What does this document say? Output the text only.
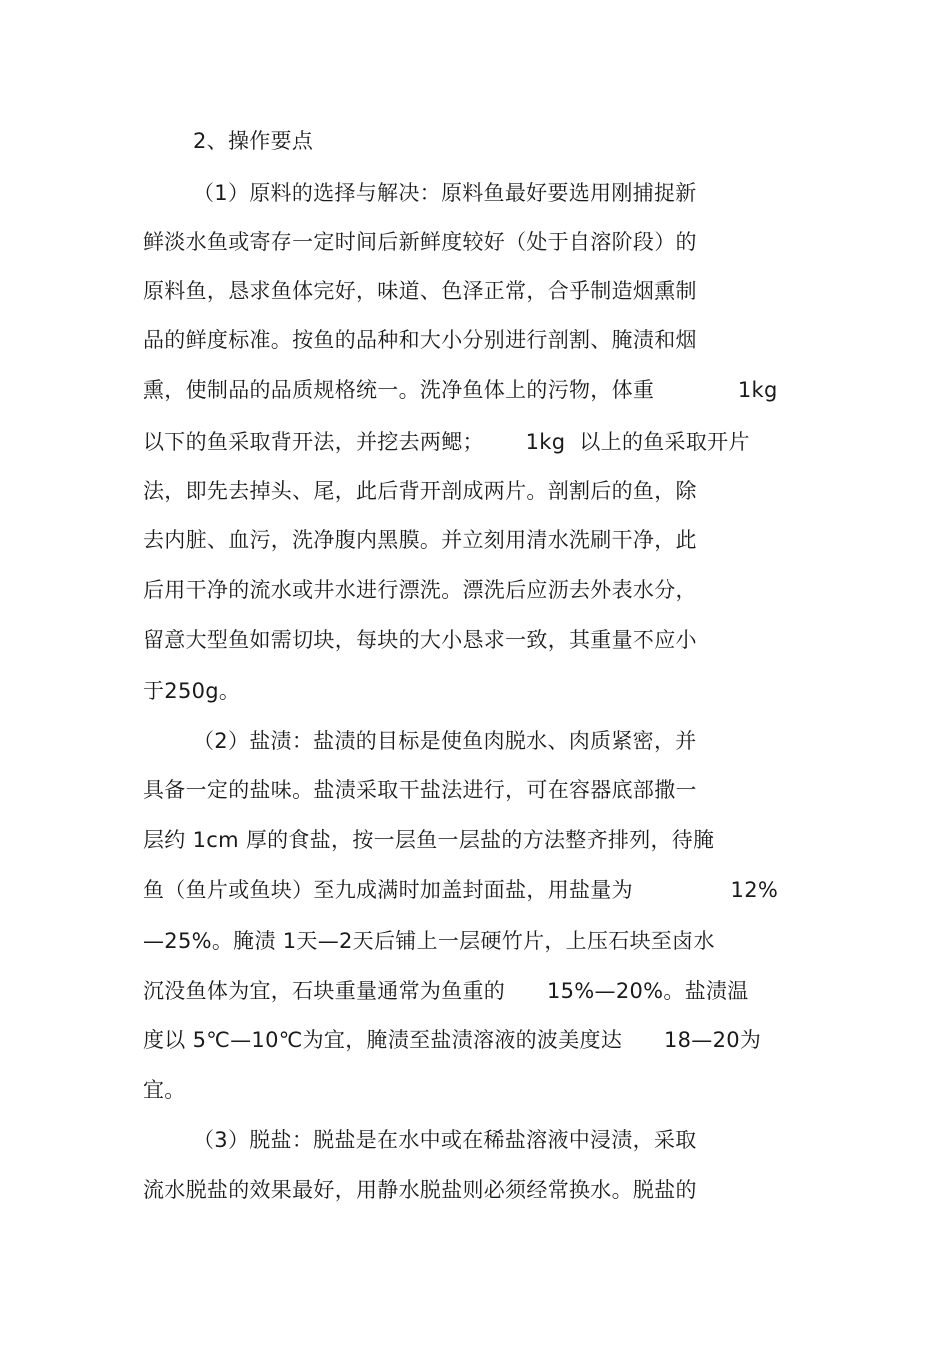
2、操作要点
（1）原料的选择与解决：原料鱼最好要选用刚捕捉新
鲜淡水鱼或寄存一定时间后新鲜度较好（处于自溶阶段）的
原料鱼，恳求鱼体完好，味道、色泽正常，合乎制造烟熏制
品的鲜度标准。按鱼的品种和大小分别进行剖割、腌渍和烟
熏，使制品的品质规格统一。洗净鱼体上的污物，体重            1kg
以下的鱼采取背开法，并挖去两鳃；      1kg  以上的鱼采取开片
法，即先去掉头、尾，此后背开剖成两片。剖割后的鱼，除
去内脏、血污，洗净腹内黑膜。并立刻用清水洗刷干净，此
后用干净的流水或井水进行漂洗。漂洗后应沥去外表水分，
留意大型鱼如需切块，每块的大小恳求一致，其重量不应小
于250g。
（2）盐渍：盐渍的目标是使鱼肉脱水、肉质紧密，并
具备一定的盐味。盐渍采取干盐法进行，可在容器底部撒一
层约 1cm 厚的食盐，按一层鱼一层盐的方法整齐排列，待腌
鱼（鱼片或鱼块）至九成满时加盖封面盐，用盐量为              12%
—25%。腌渍 1天—2天后铺上一层硬竹片，上压石块至卤水
沉没鱼体为宜，石块重量通常为鱼重的      15%—20%。盐渍温
度以 5℃—10℃为宜，腌渍至盐渍溶液的波美度达      18—20为
宜。
（3）脱盐：脱盐是在水中或在稀盐溶液中浸渍，采取
流水脱盐的效果最好，用静水脱盐则必须经常换水。脱盐的
